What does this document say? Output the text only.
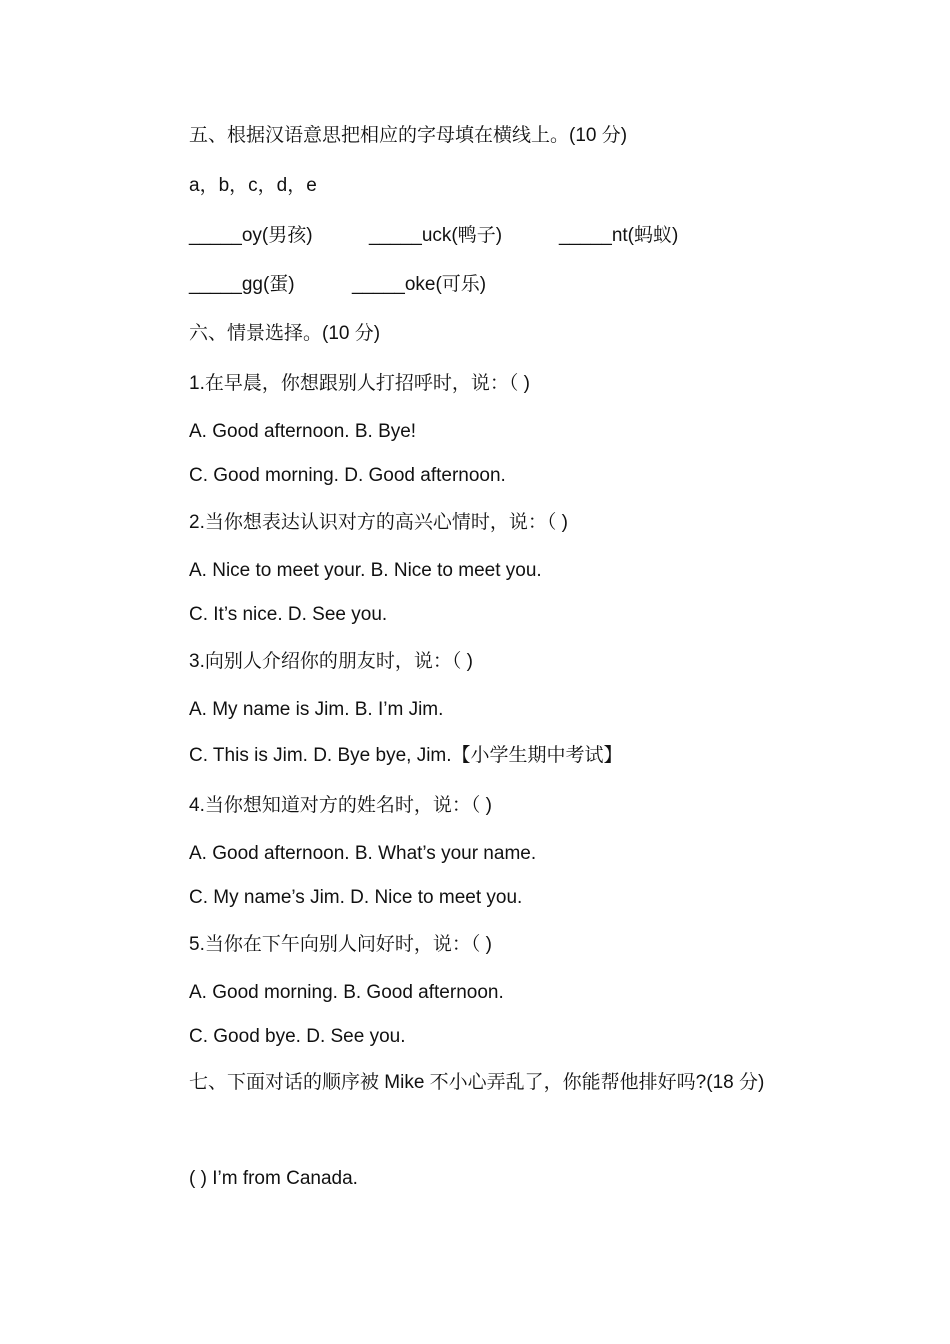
五、根据汉语意思把相应的字母填在横线上。(10 分)
a，b，c，d，e
_____oy(男孩)	_____uck(鸭子)	_____nt(蚂蚁)
_____gg(蛋)	_____oke(可乐)
六、情景选择。(10 分)
1.在早晨，你想跟别人打招呼时，说：（ )
A. Good afternoon. B. Bye!
C. Good morning. D. Good afternoon.
2.当你想表达认识对方的高兴心情时，说：（ )
A. Nice to meet your. B. Nice to meet you.
C. It’s nice. D. See you.
3.向别人介绍你的朋友时，说：（ )
A. My name is Jim. B. I’m Jim.
C. This is Jim. D. Bye bye, Jim.【小学生期中考试】
4.当你想知道对方的姓名时，说：（ )
A. Good afternoon. B. What’s your name.
C. My name’s Jim. D. Nice to meet you.
5.当你在下午向别人问好时，说：（ )
A. Good morning. B. Good afternoon.
C. Good bye. D. See you.
七、下面对话的顺序被 Mike 不小心弄乱了，你能帮他排好吗?(18 分)
( ) I’m from Canada.
